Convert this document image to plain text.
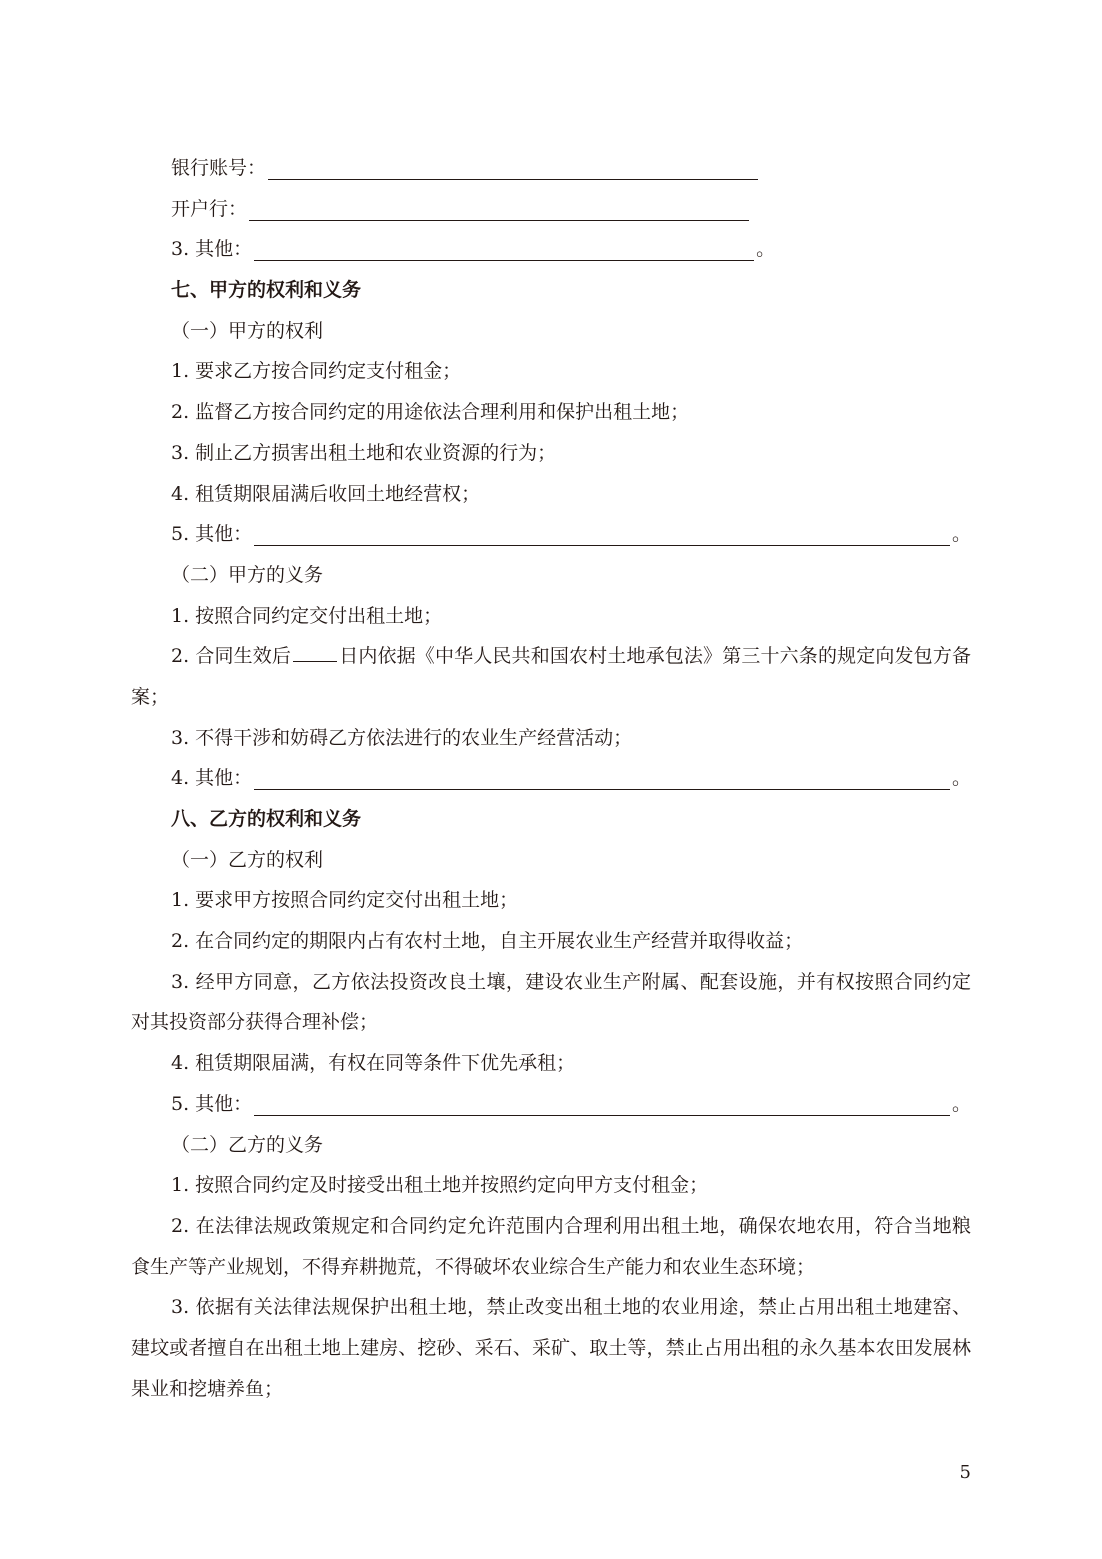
银行账号：
开户行：
3. 其他：	。
七、甲方的权利和义务
（一）甲方的权利
1. 要求乙方按合同约定支付租金；
2. 监督乙方按合同约定的用途依法合理利用和保护出租土地；
3. 制止乙方损害出租土地和农业资源的行为；
4. 租赁期限届满后收回土地经营权；
5. 其他：	。
（二）甲方的义务
1. 按照合同约定交付出租土地；

2. 合同生效后	日内依据《中华人民共和国农村土地承包法》第三十六条的规定向发包方备案；

3. 不得干涉和妨碍乙方依法进行的农业生产经营活动；
4. 其他：	。
八、乙方的权利和义务
（一）乙方的权利
1. 要求甲方按照合同约定交付出租土地；
2. 在合同约定的期限内占有农村土地，自主开展农业生产经营并取得收益；

3. 经甲方同意，乙方依法投资改良土壤，建设农业生产附属、配套设施，并有权按照合同约定对其投资部分获得合理补偿；

4. 租赁期限届满，有权在同等条件下优先承租；
5. 其他：	。
（二）乙方的义务
1. 按照合同约定及时接受出租土地并按照约定向甲方支付租金；

2. 在法律法规政策规定和合同约定允许范围内合理利用出租土地，确保农地农用，符合当地粮食生产等产业规划，不得弃耕抛荒，不得破坏农业综合生产能力和农业生态环境；

3. 依据有关法律法规保护出租土地，禁止改变出租土地的农业用途，禁止占用出租土地建窑、建坟或者擅自在出租土地上建房、挖砂、采石、采矿、取土等，禁止占用出租的永久基本农田发展林果业和挖塘养鱼；

5
